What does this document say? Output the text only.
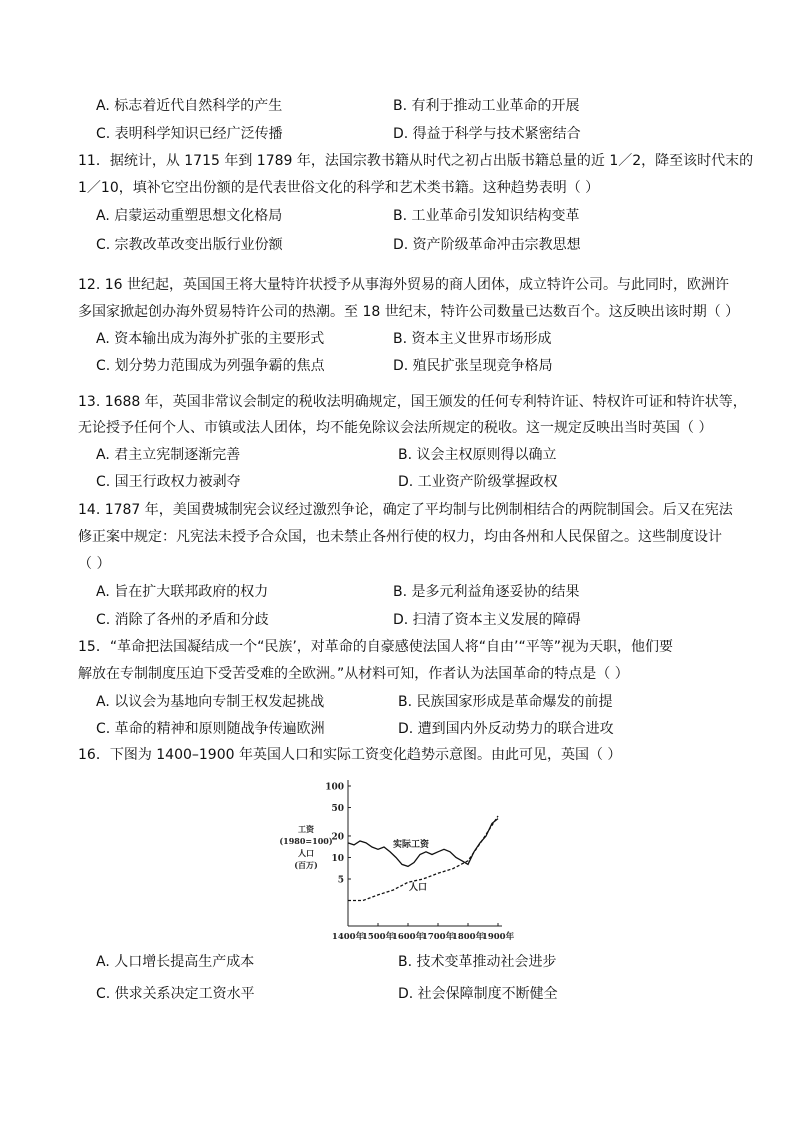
A. 标志着近代自然科学的产生	B. 有利于推动工业革命的开展
C. 表明科学知识已经广泛传播	D. 得益于科学与技术紧密结合
11．据统计，从 1715 年到 1789 年，法国宗教书籍从时代之初占出版书籍总量的近 1／2，降至该时代末的
1／10，填补它空出份额的是代表世俗文化的科学和艺术类书籍。这种趋势表明（ ）
A. 启蒙运动重塑思想文化格局	B. 工业革命引发知识结构变革
C. 宗教改革改变出版行业份额	D. 资产阶级革命冲击宗教思想
12. 16 世纪起，英国国王将大量特许状授予从事海外贸易的商人团体，成立特许公司。与此同时，欧洲许
多国家掀起创办海外贸易特许公司的热潮。至 18 世纪末，特许公司数量已达数百个。这反映出该时期（ ）
A. 资本输出成为海外扩张的主要形式	B. 资本主义世界市场形成
C. 划分势力范围成为列强争霸的焦点	D. 殖民扩张呈现竞争格局
13. 1688 年，英国非常议会制定的税收法明确规定，国王颁发的任何专利特许证、特权许可证和特许状等，
无论授予任何个人、市镇或法人团体，均不能免除议会法所规定的税收。这一规定反映出当时英国（ ）
A. 君主立宪制逐渐完善	B. 议会主权原则得以确立
C. 国王行政权力被剥夺	D. 工业资产阶级掌握政权
14. 1787 年，美国费城制宪会议经过激烈争论，确定了平均制与比例制相结合的两院制国会。后又在宪法
修正案中规定：凡宪法未授予合众国，也未禁止各州行使的权力，均由各州和人民保留之。这些制度设计
（ ）
A. 旨在扩大联邦政府的权力	B. 是多元利益角逐妥协的结果
C. 消除了各州的矛盾和分歧	D. 扫清了资本主义发展的障碍
15．“革命把法国凝结成一个“民族’，对革命的自豪感使法国人将“自由’“平等”视为天职，他们要
解放在专制制度压迫下受苦受难的全欧洲。”从材料可知，作者认为法国革命的特点是（ ）
A. 以议会为基地向专制王权发起挑战	B. 民族国家形成是革命爆发的前提
C. 革命的精神和原则随战争传遍欧洲	D. 遭到国内外反动势力的联合进攻
16．下图为 1400–1900 年英国人口和实际工资变化趋势示意图。由此可见，英国（ ）
100
50
20
10
5
1400年
1500年
1600年
1700年
1800年
1900年
工资
(1980=100)
人口
(百万)
实际工资
人口
A. 人口增长提高生产成本	B. 技术变革推动社会进步
C. 供求关系决定工资水平	D. 社会保障制度不断健全
